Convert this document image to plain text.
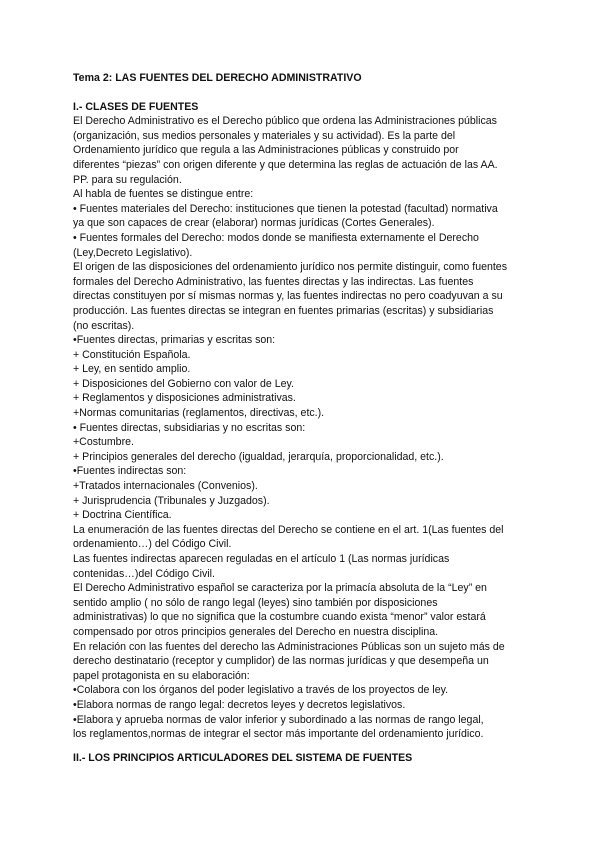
Tema 2: LAS FUENTES DEL DERECHO ADMINISTRATIVO
I.- CLASES DE FUENTES
El Derecho Administrativo es el Derecho público que ordena las Administraciones públicas
(organización, sus medios personales y materiales y su actividad). Es la parte del
Ordenamiento jurídico que regula a las Administraciones públicas y construido por
diferentes “piezas” con origen diferente y que determina las reglas de actuación de las AA.
PP. para su regulación.
Al habla de fuentes se distingue entre:
• Fuentes materiales del Derecho: instituciones que tienen la potestad (facultad) normativa
ya que son capaces de crear (elaborar) normas jurídicas (Cortes Generales).
• Fuentes formales del Derecho: modos donde se manifiesta externamente el Derecho
(Ley,Decreto Legislativo).
El origen de las disposiciones del ordenamiento jurídico nos permite distinguir, como fuentes
formales del Derecho Administrativo, las fuentes directas y las indirectas. Las fuentes
directas constituyen por sí mismas normas y, las fuentes indirectas no pero coadyuvan a su
producción. Las fuentes directas se integran en fuentes primarias (escritas) y subsidiarias
(no escritas).
•Fuentes directas, primarias y escritas son:
+ Constitución Española.
+ Ley, en sentido amplio.
+ Disposiciones del Gobierno con valor de Ley.
+ Reglamentos y disposiciones administrativas.
+Normas comunitarias (reglamentos, directivas, etc.).
• Fuentes directas, subsidiarias y no escritas son:
+Costumbre.
+ Principios generales del derecho (igualdad, jerarquía, proporcionalidad, etc.).
•Fuentes indirectas son:
+Tratados internacionales (Convenios).
+ Jurisprudencia (Tribunales y Juzgados).
+ Doctrina Científica.
La enumeración de las fuentes directas del Derecho se contiene en el art. 1(Las fuentes del
ordenamiento…) del Código Civil.
Las fuentes indirectas aparecen reguladas en el artículo 1 (Las normas jurídicas
contenidas…)del Código Civil.
El Derecho Administrativo español se caracteriza por la primacía absoluta de la “Ley” en
sentido amplio ( no sólo de rango legal (leyes) sino también por disposiciones
administrativas) lo que no significa que la costumbre cuando exista “menor” valor estará
compensado por otros principios generales del Derecho en nuestra disciplina.
En relación con las fuentes del derecho las Administraciones Públicas son un sujeto más de
derecho destinatario (receptor y cumplidor) de las normas jurídicas y que desempeña un
papel protagonista en su elaboración:
•Colabora con los órganos del poder legislativo a través de los proyectos de ley.
•Elabora normas de rango legal: decretos leyes y decretos legislativos.
•Elabora y aprueba normas de valor inferior y subordinado a las normas de rango legal,
los reglamentos,normas de integrar el sector más importante del ordenamiento jurídico.
II.- LOS PRINCIPIOS ARTICULADORES DEL SISTEMA DE FUENTES
